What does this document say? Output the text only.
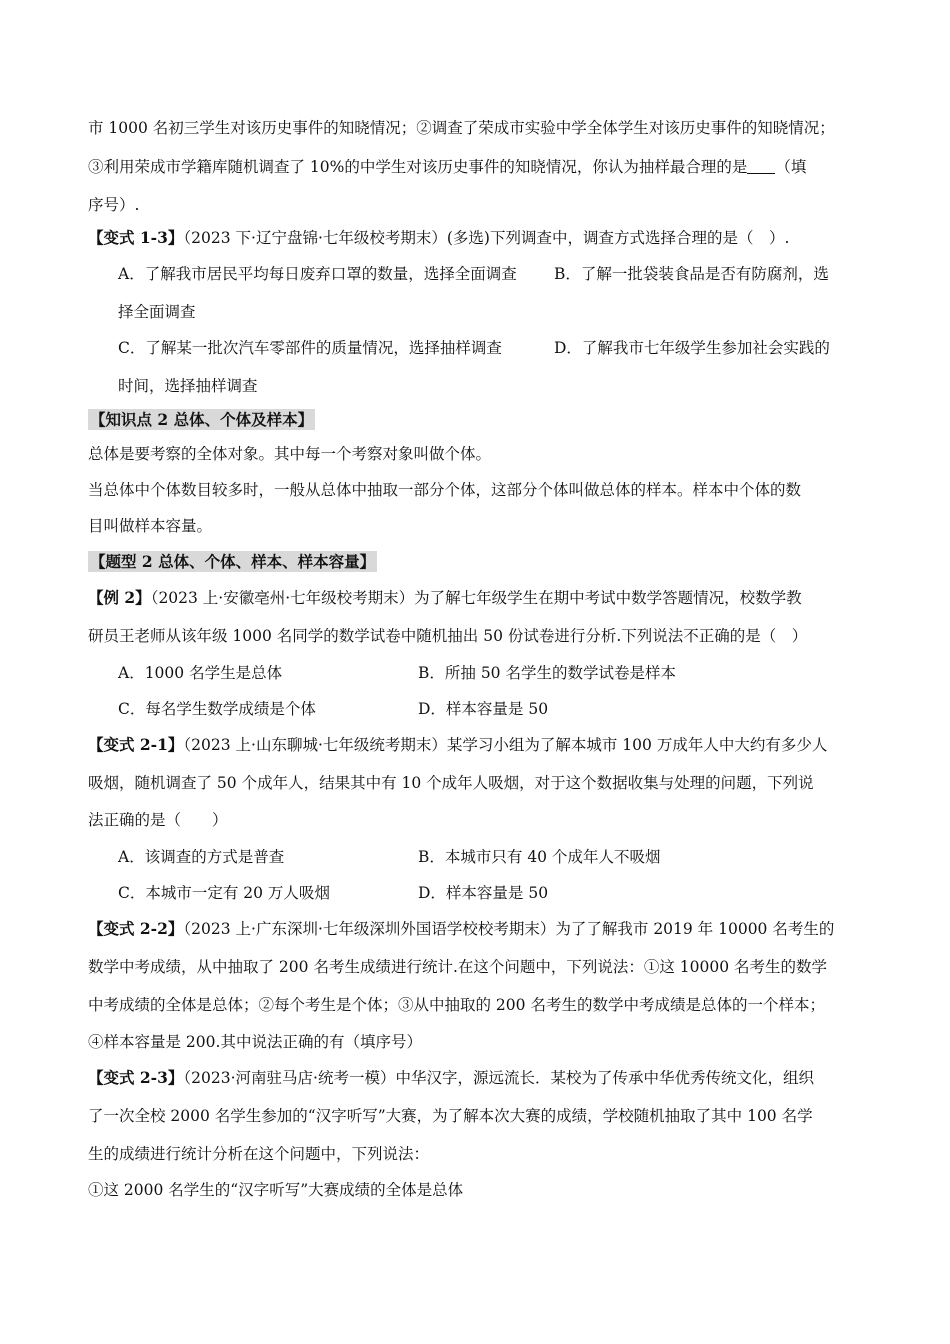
市 1000 名初三学生对该历史事件的知晓情况；②调查了荣成市实验中学全体学生对该历史事件的知晓情况；
③利用荣成市学籍库随机调查了 10%的中学生对该历史事件的知晓情况，你认为抽样最合理的是 （填
序号）.
【变式 1-3】（2023 下·辽宁盘锦·七年级校考期末）(多选)下列调查中，调查方式选择合理的是（　）.
A．了解我市居民平均每日废弃口罩的数量，选择全面调查 B．了解一批袋装食品是否有防腐剂，选
择全面调查
C．了解某一批次汽车零部件的质量情况，选择抽样调查	D．了解我市七年级学生参加社会实践的
时间，选择抽样调查
【知识点 2 总体、个体及样本】
总体是要考察的全体对象。其中每一个考察对象叫做个体。
当总体中个体数目较多时，一般从总体中抽取一部分个体，这部分个体叫做总体的样本。样本中个体的数
目叫做样本容量。
【题型 2 总体、个体、样本、样本容量】
【例 2】（2023 上·安徽亳州·七年级校考期末）为了解七年级学生在期中考试中数学答题情况，校数学教
研员王老师从该年级 1000 名同学的数学试卷中随机抽出 50 份试卷进行分析.下列说法不正确的是（　）
A．1000 名学生是总体	B．所抽 50 名学生的数学试卷是样本
C．每名学生数学成绩是个体	D．样本容量是 50
【变式 2-1】（2023 上·山东聊城·七年级统考期末）某学习小组为了解本城市 100 万成年人中大约有多少人
吸烟，随机调查了 50 个成年人，结果其中有 10 个成年人吸烟，对于这个数据收集与处理的问题，下列说
法正确的是（　　）
A．该调查的方式是普查	B．本城市只有 40 个成年人不吸烟
C．本城市一定有 20 万人吸烟	D．样本容量是 50
【变式 2-2】（2023 上·广东深圳·七年级深圳外国语学校校考期末）为了了解我市 2019 年 10000 名考生的
数学中考成绩，从中抽取了 200 名考生成绩进行统计.在这个问题中，下列说法：①这 10000 名考生的数学
中考成绩的全体是总体；②每个考生是个体；③从中抽取的 200 名考生的数学中考成绩是总体的一个样本；
④样本容量是 200.其中说法正确的有（填序号）
【变式 2-3】（2023·河南驻马店·统考一模）中华汉字，源远流长．某校为了传承中华优秀传统文化，组织
了一次全校 2000 名学生参加的“汉字听写”大赛，为了解本次大赛的成绩，学校随机抽取了其中 100 名学
生的成绩进行统计分析在这个问题中，下列说法：
①这 2000 名学生的“汉字听写”大赛成绩的全体是总体
